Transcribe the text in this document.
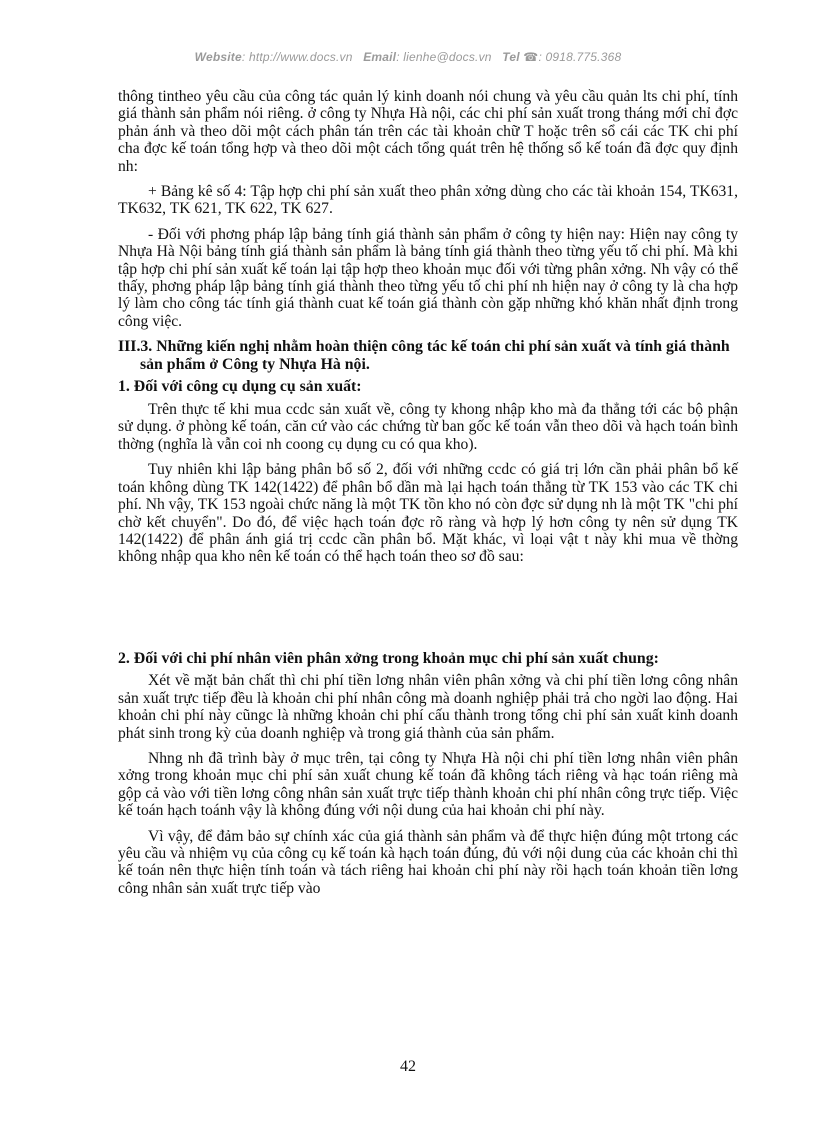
Website: http://www.docs.vn Email: lienhe@docs.vn Tel ☎: 0918.775.368

thông tintheo yêu cầu của công tác quản lý kinh doanh nói chung và yêu cầu quản lts chi phí, tính giá thành sản phẩm nói riêng. ở công ty Nhựa Hà nội, các chi phí sản xuất trong tháng mới chỉ đợc phản ánh và theo dõi một cách phân tán trên các tài khoản chữ T hoặc trên sổ cái các TK chi phí cha đợc kế toán tổng hợp và theo dõi một cách tổng quát trên hệ thống sổ kế toán đã đợc quy định nh:

+ Bảng kê số 4: Tập hợp chi phí sản xuất theo phân xởng dùng cho các tài khoản 154, TK631, TK632, TK 621, TK 622, TK 627.

- Đối với phơng pháp lập bảng tính giá thành sản phẩm ở công ty hiện nay: Hiện nay công ty Nhựa Hà Nội bảng tính giá thành sản phẩm là bảng tính giá thành theo từng yếu tố chi phí. Mà khi tập hợp chi phí sản xuất kế toán lại tập hợp theo khoản mục đối với từng phân xởng. Nh vậy có thể thấy, phơng pháp lập bảng tính giá thành theo từng yếu tố chi phí nh hiện nay ở công ty là cha hợp lý làm cho công tác tính giá thành cuat kế toán giá thành còn gặp những khó khăn nhất định trong công việc.

III.3. Những kiến nghị nhằm hoàn thiện công tác kế toán chi phí sản xuất và tính giá thành sản phẩm ở Công ty Nhựa Hà nội.
1. Đối với công cụ dụng cụ sản xuất:

Trên thực tế khi mua ccdc sản xuất về, công ty khong nhập kho mà đa thẳng tới các bộ phận sử dụng. ở phòng kế toán, căn cứ vào các chứng từ ban gốc kế toán vẫn theo dõi và hạch toán bình thờng (nghĩa là vẫn coi nh coong cụ dụng cu có qua kho).

Tuy nhiên khi lập bảng phân bổ số 2, đối với những ccdc có giá trị lớn cần phải phân bổ kế toán không dùng TK 142(1422) để phân bổ dần mà lại hạch toán thẳng từ TK 153 vào các TK chi phí. Nh vậy, TK 153 ngoài chức năng là một TK tồn kho nó còn đợc sử dụng nh là một TK "chi phí chờ kết chuyển". Do đó, để việc hạch toán đợc rõ ràng và hợp lý hơn công ty nên sử dụng TK 142(1422) để phân ánh giá trị ccdc cần phân bổ. Mặt khác, vì loại vật t này khi mua về thờng không nhập qua kho nên kế toán có thể hạch toán theo sơ đồ sau:

2. Đối với chi phí nhân viên phân xởng trong khoản mục chi phí sản xuất chung:

Xét về mặt bản chất thì chi phí tiền lơng nhân viên phân xởng và chi phí tiền lơng công nhân sản xuất trực tiếp đều là khoản chi phí nhân công mà doanh nghiệp phải trả cho ngời lao động. Hai khoản chi phí này cũngc là những khoản chi phí cấu thành trong tổng chi phí sản xuất kinh doanh phát sinh trong kỳ của doanh nghiệp và trong giá thành của sản phẩm.

Nhng nh đã trình bày ở mục trên, tại công ty Nhựa Hà nội chi phí tiền lơng nhân viên phân xởng trong khoản mục chi phí sản xuất chung kế toán đã không tách riêng và hạc toán riêng mà gộp cả vào với tiền lơng công nhân sản xuất trực tiếp thành khoản chi phí nhân công trực tiếp. Việc kế toán hạch toánh vậy là không đúng với nội dung của hai khoản chi phí này.

Vì vậy, để đảm bảo sự chính xác của giá thành sản phẩm và để thực hiện đúng một trtong các yêu cầu và nhiệm vụ của công cụ kế toán kà hạch toán đúng, đủ với nội dung của các khoản chi thì kế toán nên thực hiện tính toán và tách riêng hai khoản chi phí này rồi hạch toán khoản tiền lơng công nhân sản xuất trực tiếp vào

42
